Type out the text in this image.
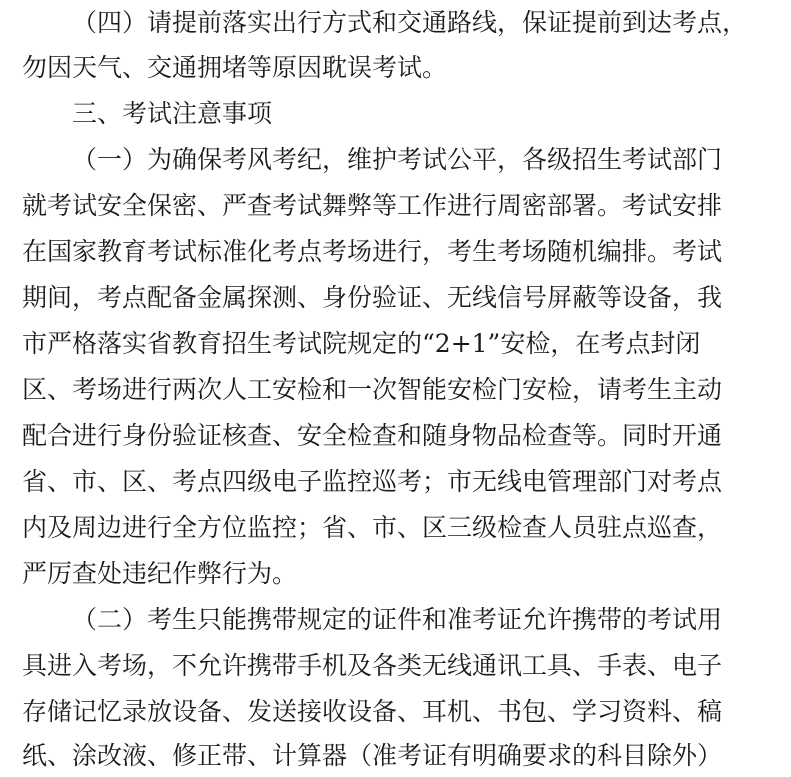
（四）请提前落实出行方式和交通路线，保证提前到达考点，
勿因天气、交通拥堵等原因耽误考试。
三、考试注意事项
（一）为确保考风考纪，维护考试公平，各级招生考试部门
就考试安全保密、严查考试舞弊等工作进行周密部署。考试安排
在国家教育考试标准化考点考场进行，考生考场随机编排。考试
期间，考点配备金属探测、身份验证、无线信号屏蔽等设备，我
市严格落实省教育招生考试院规定的“2+1”安检，在考点封闭
区、考场进行两次人工安检和一次智能安检门安检，请考生主动
配合进行身份验证核查、安全检查和随身物品检查等。同时开通
省、市、区、考点四级电子监控巡考；市无线电管理部门对考点
内及周边进行全方位监控；省、市、区三级检查人员驻点巡查，
严厉查处违纪作弊行为。
（二）考生只能携带规定的证件和准考证允许携带的考试用
具进入考场，不允许携带手机及各类无线通讯工具、手表、电子
存储记忆录放设备、发送接收设备、耳机、书包、学习资料、稿
纸、涂改液、修正带、计算器（准考证有明确要求的科目除外）
